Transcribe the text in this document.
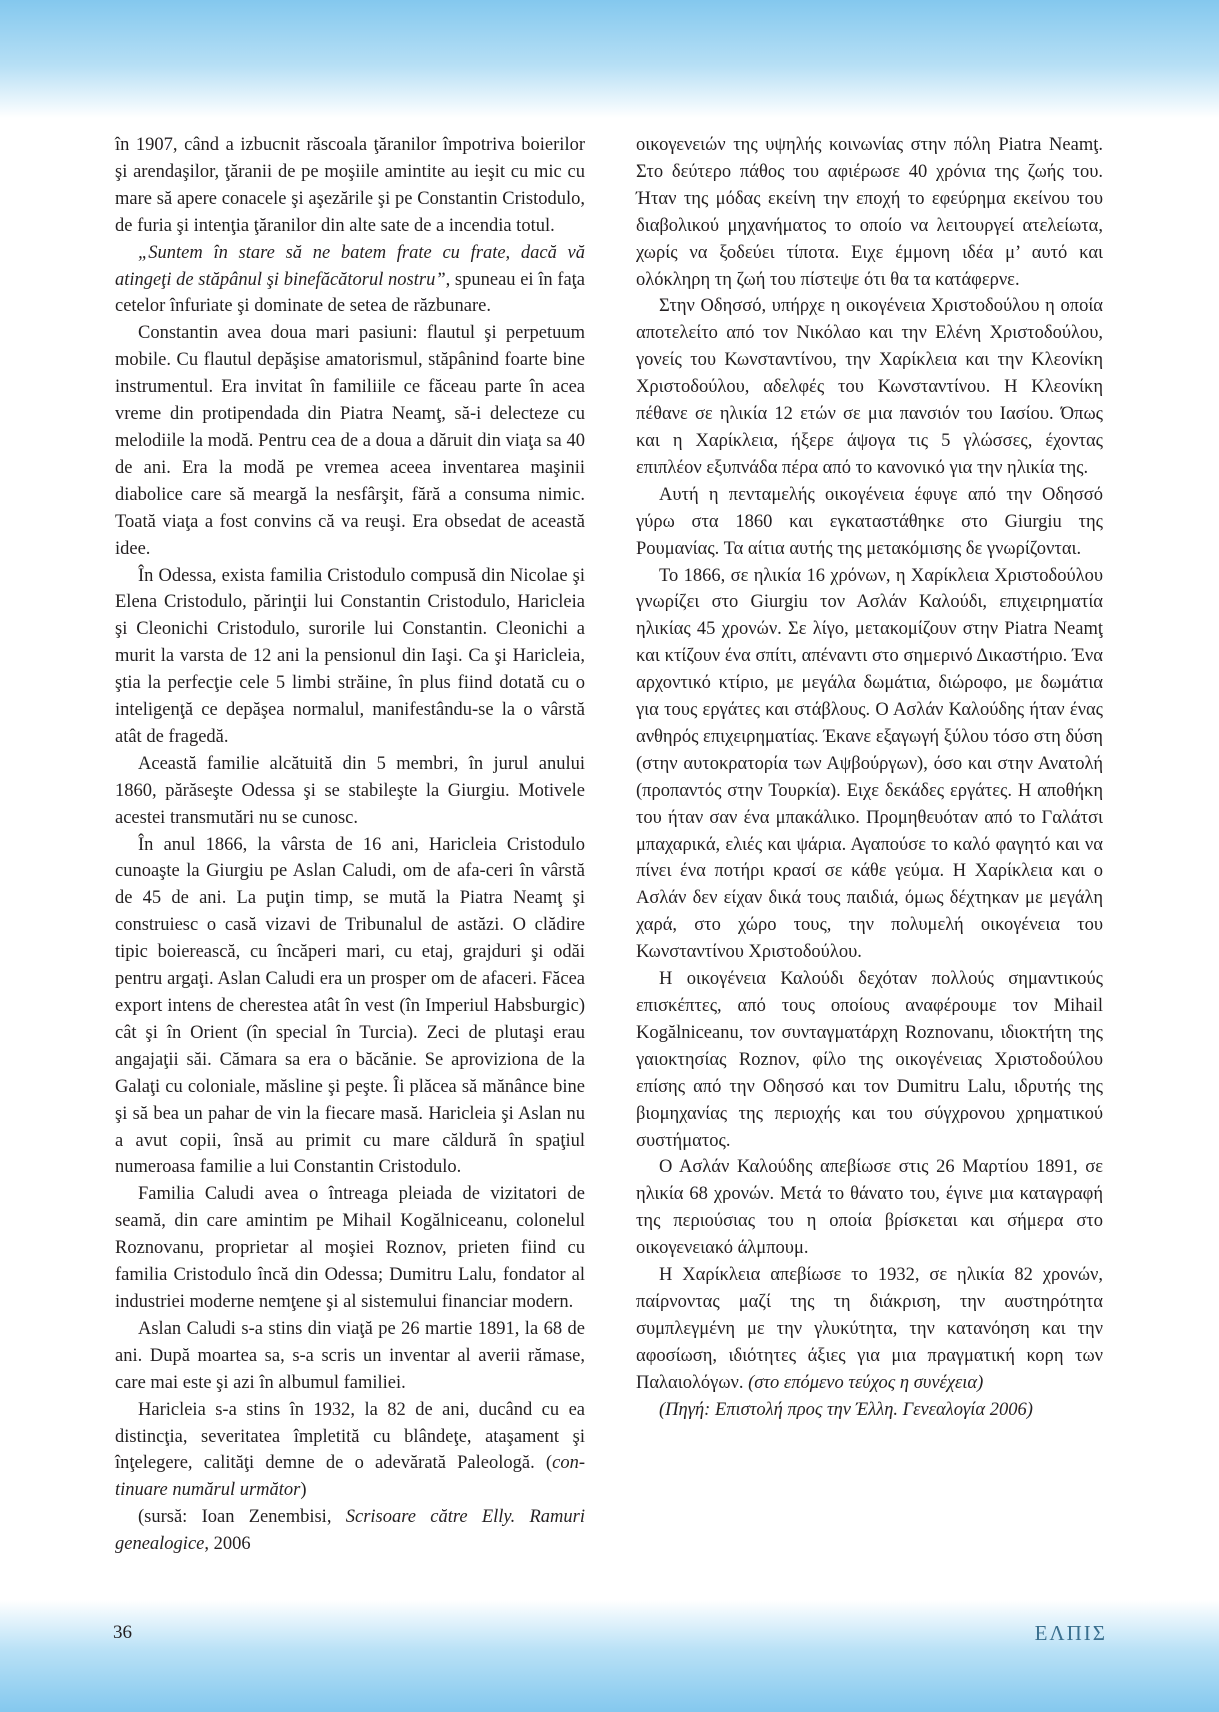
în 1907, când a izbucnit răscoala ţăranilor împotriva boierilor şi arendaşilor, ţăranii de pe moşiile amintite au ieşit cu mic cu mare să apere conacele şi aşezările şi pe Constantin Cristodulo, de furia şi intenţia ţăranilor din alte sate de a incendia totul.

„Suntem în stare să ne batem frate cu frate, dacă vă atingeţi de stăpânul şi binefăcătorul nostru”, spuneau ei în faţa cetelor înfuriate şi dominate de setea de răzbunare.

Constantin avea doua mari pasiuni: flautul şi perpetuum mobile. Cu flautul depăşise amatorismul, stăpânind foarte bine instrumentul. Era invitat în familiile ce făceau parte în acea vreme din protipendada din Piatra Neamţ, să-i delecteze cu melodiile la modă. Pentru cea de a doua a dăruit din viaţa sa 40 de ani. Era la modă pe vremea aceea inventarea maşinii diabolice care să meargă la nesfârşit, fără a consuma nimic. Toată viaţa a fost convins că va reuşi. Era obsedat de această idee.

În Odessa, exista familia Cristodulo compusă din Nicolae şi Elena Cristodulo, părinţii lui Constantin Cristodulo, Haricleia şi Cleonichi Cristodulo, surorile lui Constantin. Cleonichi a murit la varsta de 12 ani la pensionul din Iaşi. Ca şi Haricleia, ştia la perfecţie cele 5 limbi străine, în plus fiind dotată cu o inteligenţă ce depăşea normalul, manifestându-se la o vârstă atât de fragedă.

Această familie alcătuită din 5 membri, în jurul anului 1860, părăseşte Odessa şi se stabileşte la Giurgiu. Motivele acestei transmutări nu se cunosc.

În anul 1866, la vârsta de 16 ani, Haricleia Cristodulo cunoaşte la Giurgiu pe Aslan Caludi, om de afa-ceri în vârstă de 45 de ani. La puţin timp, se mută la Piatra Neamţ şi construiesc o casă vizavi de Tribunalul de astăzi. O clădire tipic boierească, cu încăperi mari, cu etaj, grajduri şi odăi pentru argaţi. Aslan Caludi era un prosper om de afaceri. Făcea export intens de cherestea atât în vest (în Imperiul Habsburgic) cât şi în Orient (în special în Turcia). Zeci de plutaşi erau angajaţii săi. Cămara sa era o băcănie. Se aproviziona de la Galaţi cu coloniale, măsline şi peşte. Îi plăcea să mănânce bine şi să bea un pahar de vin la fiecare masă. Haricleia şi Aslan nu a avut copii, însă au primit cu mare căldură în spaţiul numeroasa familie a lui Constantin Cristodulo.

Familia Caludi avea o întreaga pleiada de vizitatori de seamă, din care amintim pe Mihail Kogălniceanu, colonelul Roznovanu, proprietar al moşiei Roznov, prieten fiind cu familia Cristodulo încă din Odessa; Dumitru Lalu, fondator al industriei moderne nemţene şi al sistemului financiar modern.

Aslan Caludi s-a stins din viaţă pe 26 martie 1891, la 68 de ani. După moartea sa, s-a scris un inventar al averii rămase, care mai este şi azi în albumul familiei.

Haricleia s-a stins în 1932, la 82 de ani, ducând cu ea distincţia, severitatea împletită cu blândeţe, ataşament şi înţelegere, calităţi demne de o adevărată Paleologă. (continuare numărul următor)

(sursă: Ioan Zenembisi, Scrisoare către Elly. Ramuri genealogice, 2006

οικογενειών της υψηλής κοινωνίας στην πόλη Piatra Neamţ. Στο δεύτερο πάθος του αφιέρωσε 40 χρόνια της ζωής του. Ήταν της μόδας εκείνη την εποχή το εφεύρημα εκείνου του διαβολικού μηχανήματος το οποίο να λειτουργεί ατελείωτα, χωρίς να ξοδεύει τίποτα. Ειχε έμμονη ιδέα μ’ αυτό και ολόκληρη τη ζωή του πίστεψε ότι θα τα κατάφερνε.

Στην Οδησσό, υπήρχε η οικογένεια Χριστοδούλου η οποία αποτελείτο από τον Νικόλαο και την Ελένη Χριστοδούλου, γονείς του Κωνσταντίνου, την Χαρίκλεια και την Κλεονίκη Χριστοδούλου, αδελφές του Κωνσταντίνου. Η Κλεονίκη πέθανε σε ηλικία 12 ετών σε μια πανσιόν του Ιασίου. Όπως και η Χαρίκλεια, ήξερε άψογα τις 5 γλώσσες, έχοντας επιπλέον εξυπνάδα πέρα από το κανονικό για την ηλικία της.

Αυτή η πενταμελής οικογένεια έφυγε από την Οδησσό γύρω στα 1860 και εγκαταστάθηκε στο Giurgiu της Ρουμανίας. Τα αίτια αυτής της μετακόμισης δε γνωρίζονται.

Το 1866, σε ηλικία 16 χρόνων, η Χαρίκλεια Χριστοδούλου γνωρίζει στο Giurgiu τον Ασλάν Καλούδι, επιχειρηματία ηλικίας 45 χρονών. Σε λίγο, μετακομίζουν στην Piatra Neamţ και κτίζουν ένα σπίτι, απέναντι στο σημερινό Δικαστήριο. Ένα αρχοντικό κτίριο, με μεγάλα δωμάτια, διώροφο, με δωμάτια για τους εργάτες και στάβλους. Ο Ασλάν Καλούδης ήταν ένας ανθηρός επιχειρηματίας. Έκανε εξαγωγή ξύλου τόσο στη δύση (στην αυτοκρατορία των Αψβούργων), όσο και στην Ανατολή (προπαντός στην Τουρκία). Ειχε δεκάδες εργάτες. Η αποθήκη του ήταν σαν ένα μπακάλικο. Προμηθευόταν από το Γαλάτσι μπαχαρικά, ελιές και ψάρια. Αγαπούσε το καλό φαγητό και να πίνει ένα ποτήρι κρασί σε κάθε γεύμα. Η Χαρίκλεια και ο Ασλάν δεν είχαν δικά τους παιδιά, όμως δέχτηκαν με μεγάλη χαρά, στο χώρο τους, την πολυμελή οικογένεια του Κωνσταντίνου Χριστοδούλου.

Η οικογένεια Καλούδι δεχόταν πολλούς σημαντικούς επισκέπτες, από τους οποίους αναφέρουμε τον Mihail Kogălniceanu, τον συνταγματάρχη Roznovanu, ιδιοκτήτη της γαιοκτησίας Roznov, φίλο της οικογένειας Χριστοδούλου επίσης από την Οδησσό και τον Dumitru Lalu, ιδρυτής της βιομηχανίας της περιοχής και του σύγχρονου χρηματικού συστήματος.

Ο Ασλάν Καλούδης απεβίωσε στις 26 Μαρτίου 1891, σε ηλικία 68 χρονών. Μετά το θάνατο του, έγινε μια καταγραφή της περιούσιας του η οποία βρίσκεται και σήμερα στο οικογενειακό άλμπουμ.

Η Χαρίκλεια απεβίωσε το 1932, σε ηλικία 82 χρονών, παίρνοντας μαζί της τη διάκριση, την αυστηρότητα συμπλεγμένη με την γλυκύτητα, την κατανόηση και την αφοσίωση, ιδιότητες άξιες για μια πραγματική κορη των Παλαιολόγων. (στο επόμενο τεύχος η συνέχεια)

(Πηγή: Επιστολή προς την Έλλη. Γενεαλογία 2006)

36	ΕΛΠΙΣ
